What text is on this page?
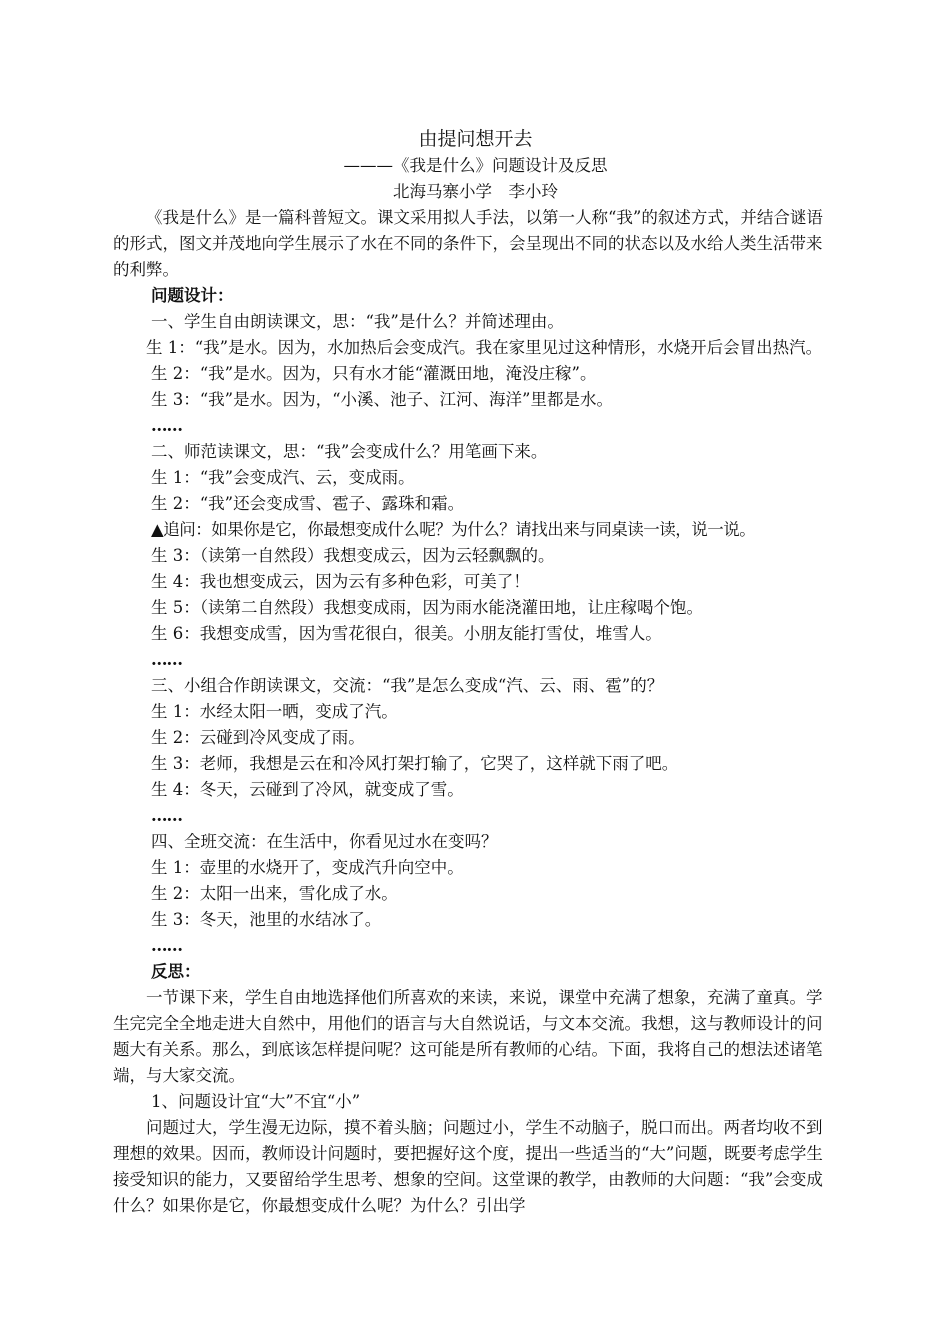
由提问想开去

———《我是什么》问题设计及反思

北海马寨小学　李小玲

《我是什么》是一篇科普短文。课文采用拟人手法，以第一人称“我”的叙述方式，并结合谜语的形式，图文并茂地向学生展示了水在不同的条件下，会呈现出不同的状态以及水给人类生活带来的利弊。

问题设计：

一、学生自由朗读课文，思：“我”是什么？并简述理由。

生 1：“我”是水。因为，水加热后会变成汽。我在家里见过这种情形，水烧开后会冒出热汽。

生 2：“我”是水。因为，只有水才能“灌溉田地，淹没庄稼”。

生 3：“我”是水。因为，“小溪、池子、江河、海洋”里都是水。

……

二、师范读课文，思：“我”会变成什么？用笔画下来。

生 1：“我”会变成汽、云，变成雨。

生 2：“我”还会变成雪、雹子、露珠和霜。

▲追问：如果你是它，你最想变成什么呢？为什么？请找出来与同桌读一读，说一说。

生 3：（读第一自然段）我想变成云，因为云轻飘飘的。

生 4：我也想变成云，因为云有多种色彩，可美了！

生 5：（读第二自然段）我想变成雨，因为雨水能浇灌田地，让庄稼喝个饱。

生 6：我想变成雪，因为雪花很白，很美。小朋友能打雪仗，堆雪人。

……

三、小组合作朗读课文，交流：“我”是怎么变成“汽、云、雨、雹”的？

生 1：水经太阳一晒，变成了汽。

生 2：云碰到冷风变成了雨。

生 3：老师，我想是云在和冷风打架打输了，它哭了，这样就下雨了吧。

生 4：冬天，云碰到了冷风，就变成了雪。

……

四、全班交流：在生活中，你看见过水在变吗？

生 1：壶里的水烧开了，变成汽升向空中。

生 2：太阳一出来，雪化成了水。

生 3：冬天，池里的水结冰了。

……

反思：

一节课下来，学生自由地选择他们所喜欢的来读，来说，课堂中充满了想象，充满了童真。学生完完全全地走进大自然中，用他们的语言与大自然说话，与文本交流。我想，这与教师设计的问题大有关系。那么，到底该怎样提问呢？这可能是所有教师的心结。下面，我将自己的想法述诸笔端，与大家交流。

1、问题设计宜“大”不宜“小”

问题过大，学生漫无边际，摸不着头脑；问题过小，学生不动脑子，脱口而出。两者均收不到理想的效果。因而，教师设计问题时，要把握好这个度，提出一些适当的“大”问题，既要考虑学生接受知识的能力，又要留给学生思考、想象的空间。这堂课的教学，由教师的大问题：“我”会变成什么？如果你是它，你最想变成什么呢？为什么？引出学
